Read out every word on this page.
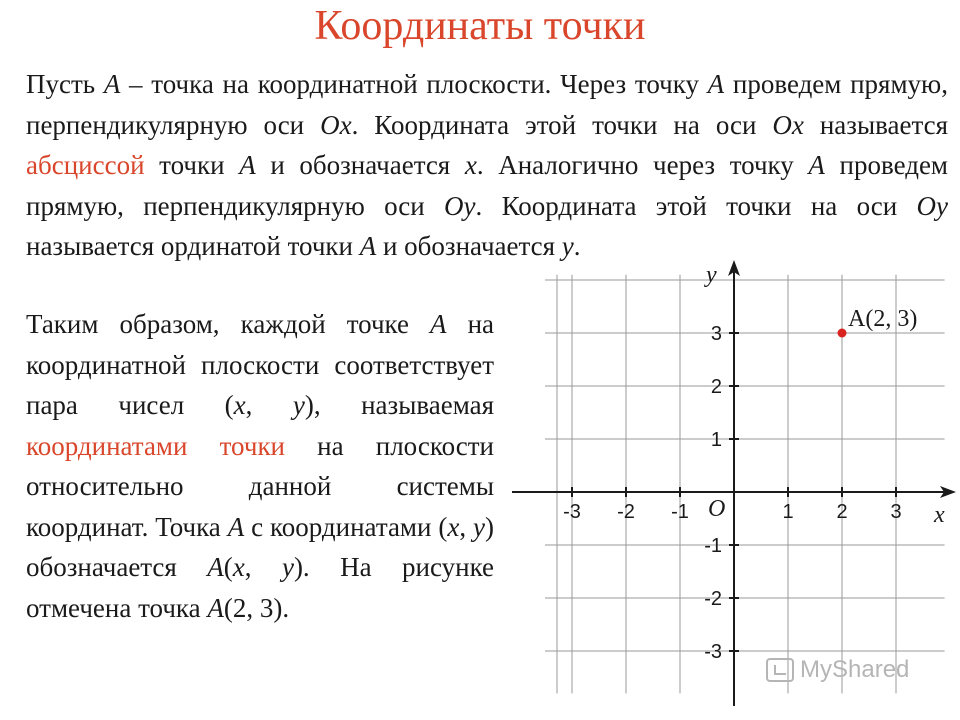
Координаты точки
Пусть A – точка на координатной плоскости. Через точку A проведем прямую, перпендикулярную оси Ox. Координата этой точки на оси Ox называется абсциссой точки A и обозначается x. Аналогично через точку A проведем прямую, перпендикулярную оси Oy. Координата этой точки на оси Oy называется ординатой точки A и обозначается y.
Таким образом, каждой точке A на координатной плоскости соответствует пара чисел (x, y), называемая координатами точки на плоскости относительно данной системы координат. Точка A с координатами (x, y) обозначается A(x, y). На рисунке отмечена точка A(2, 3).
x
y
O
-3 -2 -1	1 2 3
-3
-2
-1
1
2
3
A(2, 3)
MyShared
